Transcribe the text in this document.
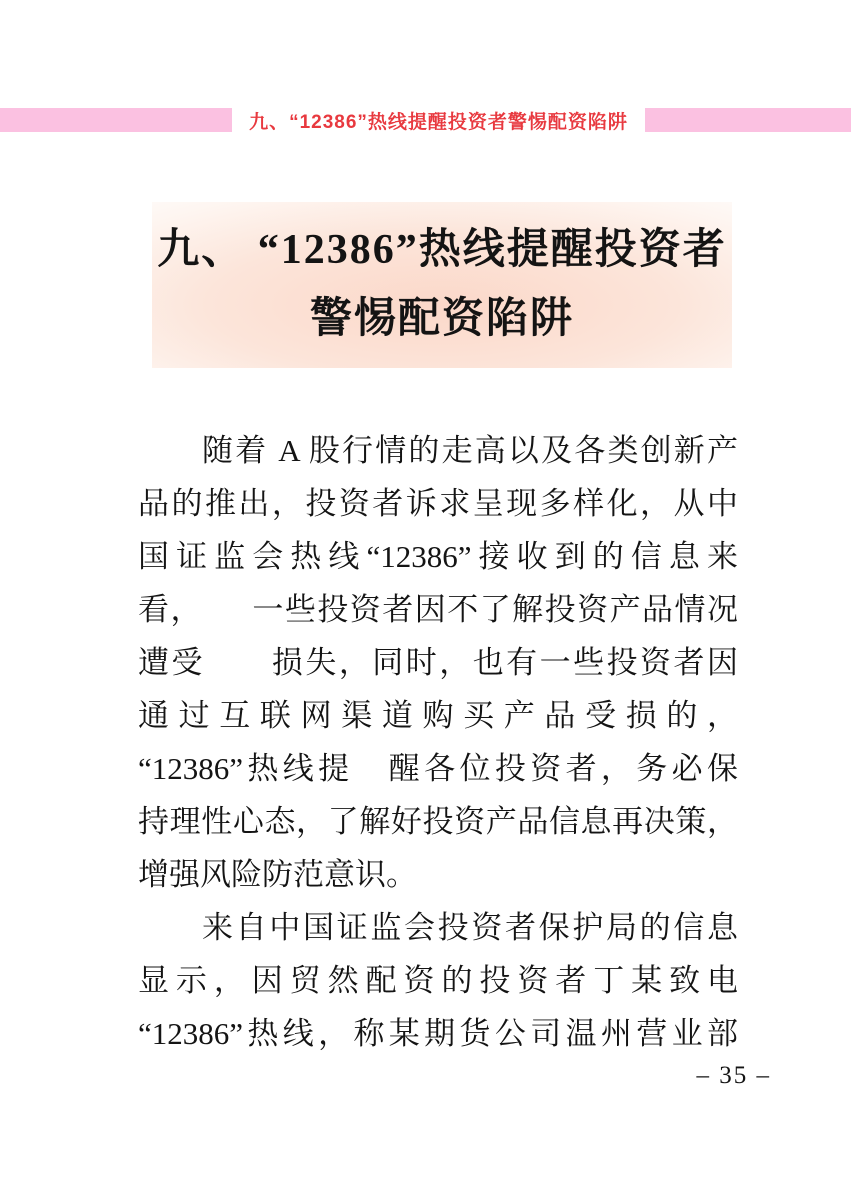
九、“12386”热线提醒投资者警惕配资陷阱
九、 “12386”热线提醒投资者
警惕配资陷阱
随着 A 股行情的走高以及各类创新产
品的推出，投资者诉求呈现多样化，从中
国证监会热线“12386”接收到的信息来
看，　　一些投资者因不了解投资产品情况
遭受　　损失，同时，也有一些投资者因
通过互联网渠道购买产品受损的，
“12386”热线提　醒各位投资者，务必保
持理性心态，了解好投资产品信息再决策，
增强风险防范意识。
来自中国证监会投资者保护局的信息
显示，因贸然配资的投资者丁某致电
“12386”热线，称某期货公司温州营业部
– 35 –
